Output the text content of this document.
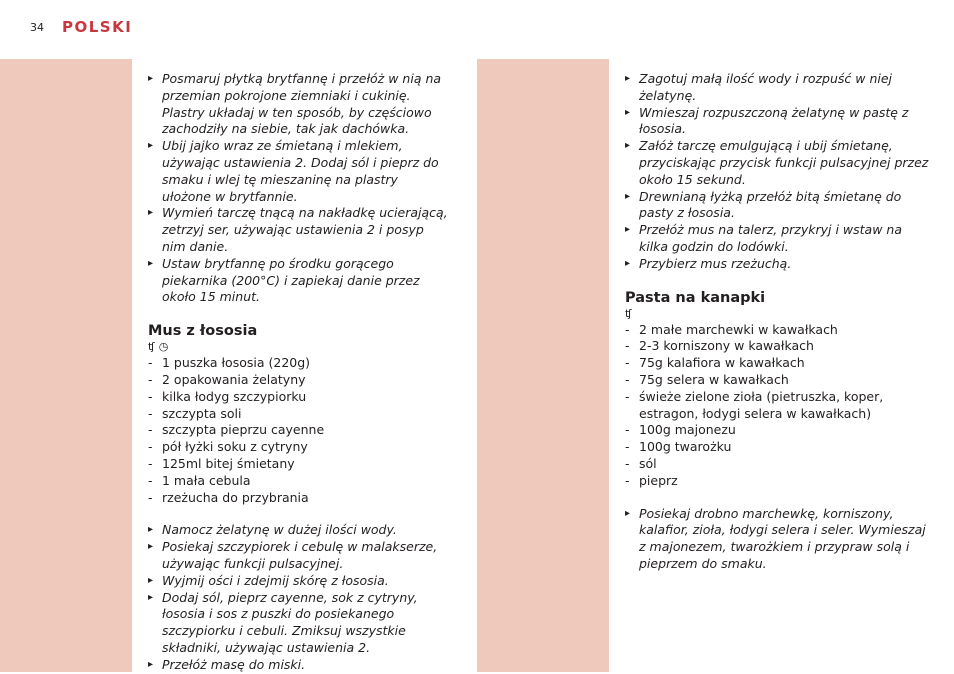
34 POLSKI
▸ Posmaruj płytką brytfannę i przełóż w nią na przemian pokrojone ziemniaki i cukinię. Plastry układaj w ten sposób, by częściowo zachodziły na siebie, tak jak dachówka.
▸ Ubij jajko wraz ze śmietaną i mlekiem, używając ustawienia 2. Dodaj sól i pieprz do smaku i wlej tę mieszaninę na plastry ułożone w brytfannie.
▸ Wymień tarczę tnącą na nakładkę ucierającą, zetrzyj ser, używając ustawienia 2 i posyp nim danie.
▸ Ustaw brytfannę po środku gorącego piekarnika (200°C) i zapiekaj danie przez około 15 minut.
Mus z łososia
ʧ ◷
- 1 puszka łososia (220g)
- 2 opakowania żelatyny
- kilka łodyg szczypiorku
- szczypta soli
- szczypta pieprzu cayenne
- pół łyżki soku z cytryny
- 125ml bitej śmietany
- 1 mała cebula
- rzeżucha do przybrania
▸ Namocz żelatynę w dużej ilości wody.
▸ Posiekaj szczypiorek i cebulę w malakserze, używając funkcji pulsacyjnej.
▸ Wyjmij ości i zdejmij skórę z łososia.
▸ Dodaj sól, pieprz cayenne, sok z cytryny, łososia i sos z puszki do posiekanego szczypiorku i cebuli. Zmiksuj wszystkie składniki, używając ustawienia 2.
▸ Przełóż masę do miski.
▸ Zagotuj małą ilość wody i rozpuść w niej żelatynę.
▸ Wmieszaj rozpuszczoną żelatynę w pastę z łososia.
▸ Załóż tarczę emulgującą i ubij śmietanę, przyciskając przycisk funkcji pulsacyjnej przez około 15 sekund.
▸ Drewnianą łyżką przełóż bitą śmietanę do pasty z łososia.
▸ Przełóż mus na talerz, przykryj i wstaw na kilka godzin do lodówki.
▸ Przybierz mus rzeżuchą.
Pasta na kanapki
ʧ
- 2 małe marchewki w kawałkach
- 2-3 korniszony w kawałkach
- 75g kalafiora w kawałkach
- 75g selera w kawałkach
- świeże zielone zioła (pietruszka, koper, estragon, łodygi selera w kawałkach)
- 100g majonezu
- 100g twarożku
- sól
- pieprz
▸ Posiekaj drobno marchewkę, korniszony, kalafior, zioła, łodygi selera i seler. Wymieszaj z majonezem, twarożkiem i przypraw solą i pieprzem do smaku.
